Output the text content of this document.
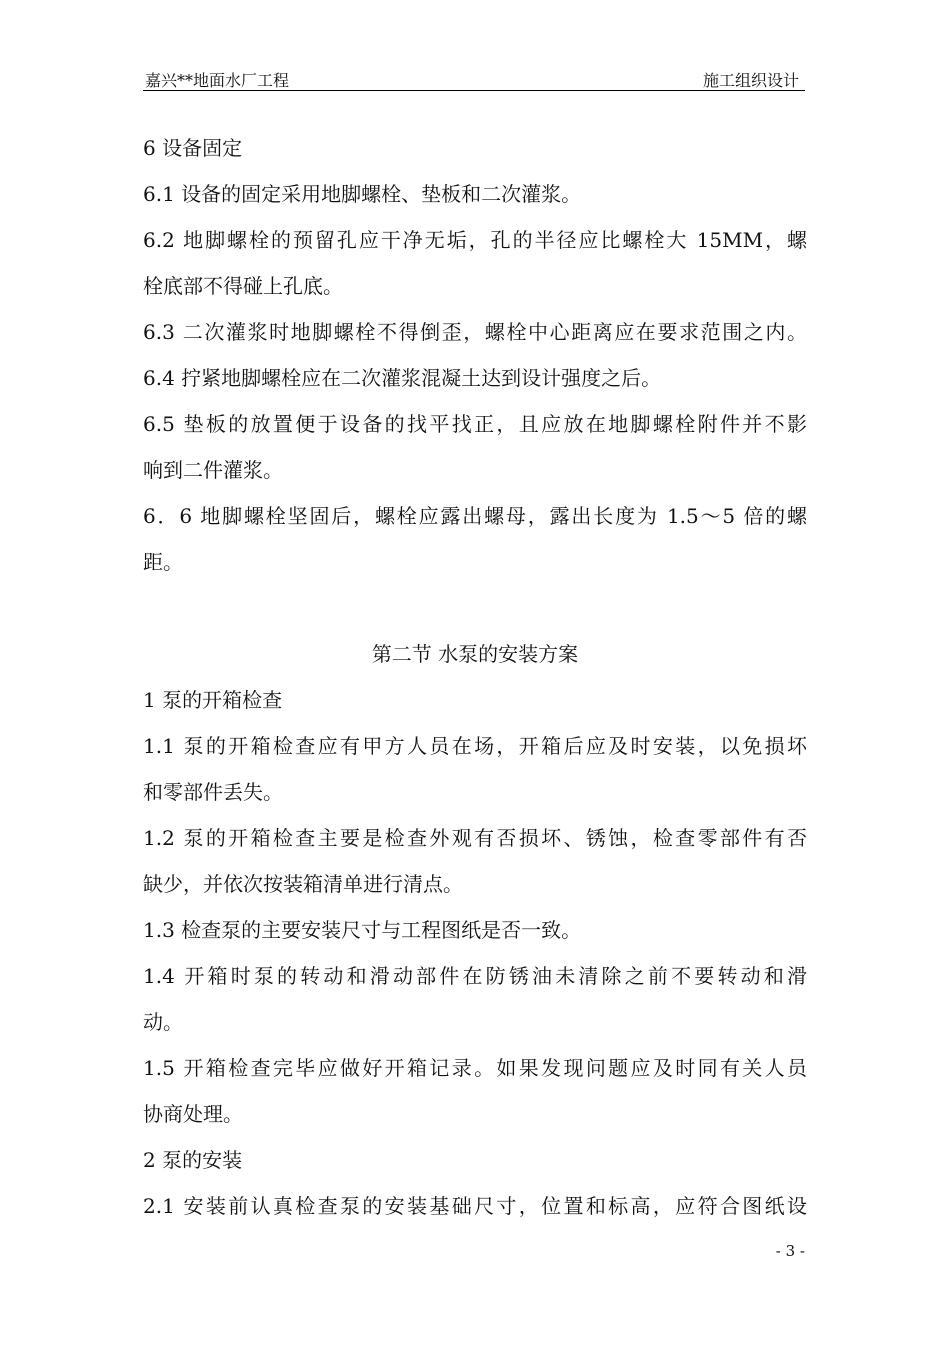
嘉兴**地面水厂工程	施工组织设计
6 设备固定
6.1 设备的固定采用地脚螺栓、垫板和二次灌浆。
6.2 地脚螺栓的预留孔应干净无垢，孔的半径应比螺栓大 15MM，螺
栓底部不得碰上孔底。
6.3 二次灌浆时地脚螺栓不得倒歪，螺栓中心距离应在要求范围之内。
6.4 拧紧地脚螺栓应在二次灌浆混凝土达到设计强度之后。
6.5 垫板的放置便于设备的找平找正，且应放在地脚螺栓附件并不影
响到二件灌浆。
6．6 地脚螺栓坚固后，螺栓应露出螺母，露出长度为 1.5～5 倍的螺
距。
第二节 水泵的安装方案
1 泵的开箱检查
1.1 泵的开箱检查应有甲方人员在场，开箱后应及时安装，以免损坏
和零部件丢失。
1.2 泵的开箱检查主要是检查外观有否损坏、锈蚀，检查零部件有否
缺少，并依次按装箱清单进行清点。
1.3 检查泵的主要安装尺寸与工程图纸是否一致。
1.4 开箱时泵的转动和滑动部件在防锈油未清除之前不要转动和滑
动。
1.5 开箱检查完毕应做好开箱记录。如果发现问题应及时同有关人员
协商处理。
2 泵的安装
2.1 安装前认真检查泵的安装基础尺寸，位置和标高，应符合图纸设
- 3 -
